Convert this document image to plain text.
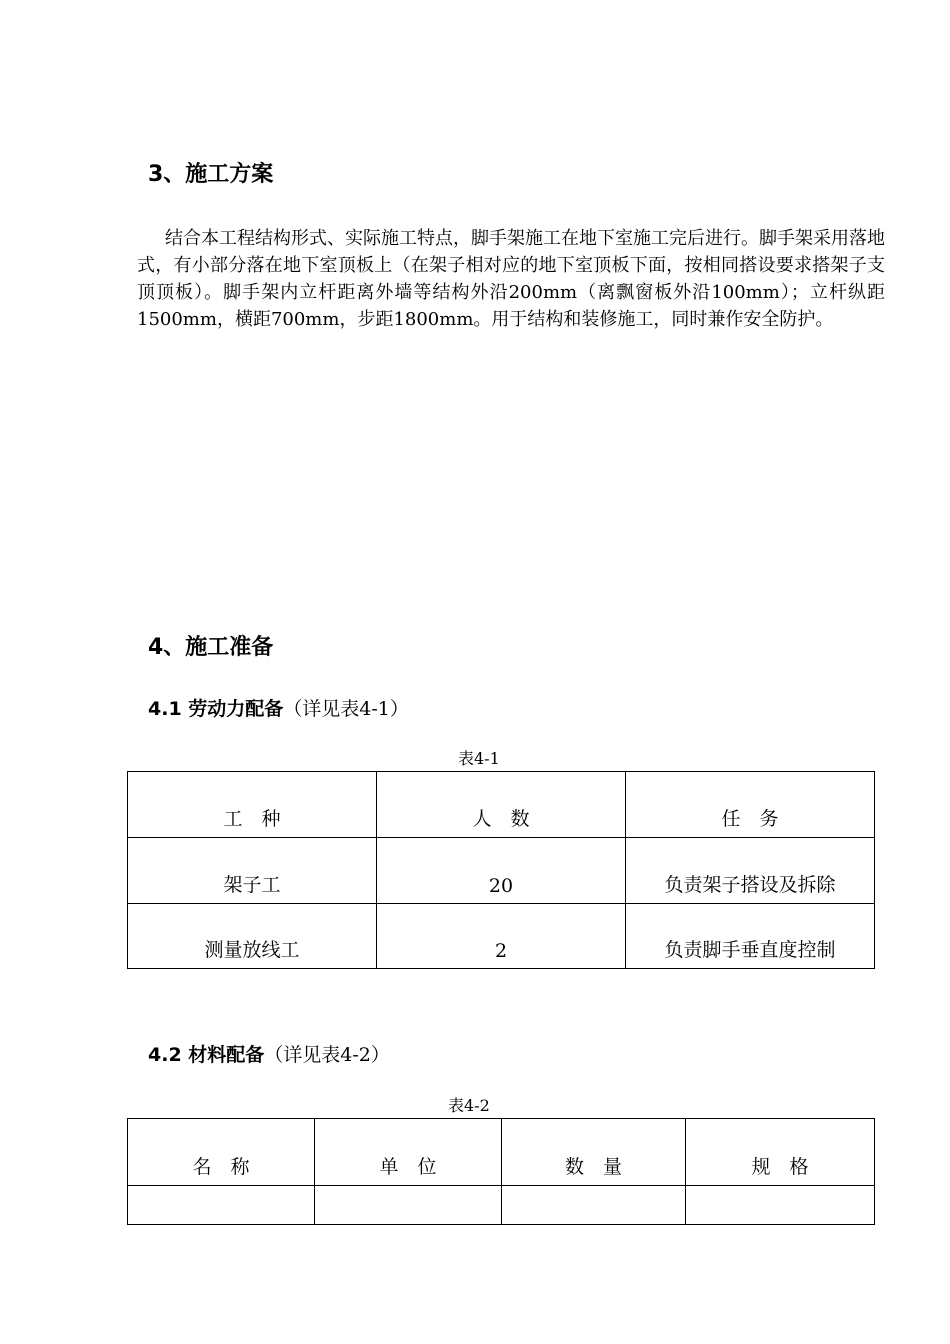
3、施工方案

结合本工程结构形式、实际施工特点，脚手架施工在地下室施工完后进行。脚手架采用落地式，有小部分落在地下室顶板上（在架子相对应的地下室顶板下面，按相同搭设要求搭架子支顶顶板）。脚手架内立杆距离外墙等结构外沿200mm（离飘窗板外沿100mm）；立杆纵距1500mm，横距700mm，步距1800mm。用于结构和装修施工，同时兼作安全防护。

4、施工准备
4.1 劳动力配备（详见表4-1）
表4-1
工　种	人　数	任　务
架子工	20	负责架子搭设及拆除
测量放线工	2	负责脚手垂直度控制
4.2 材料配备（详见表4-2）
表4-2
名　称	单　位	数　量	规　格
